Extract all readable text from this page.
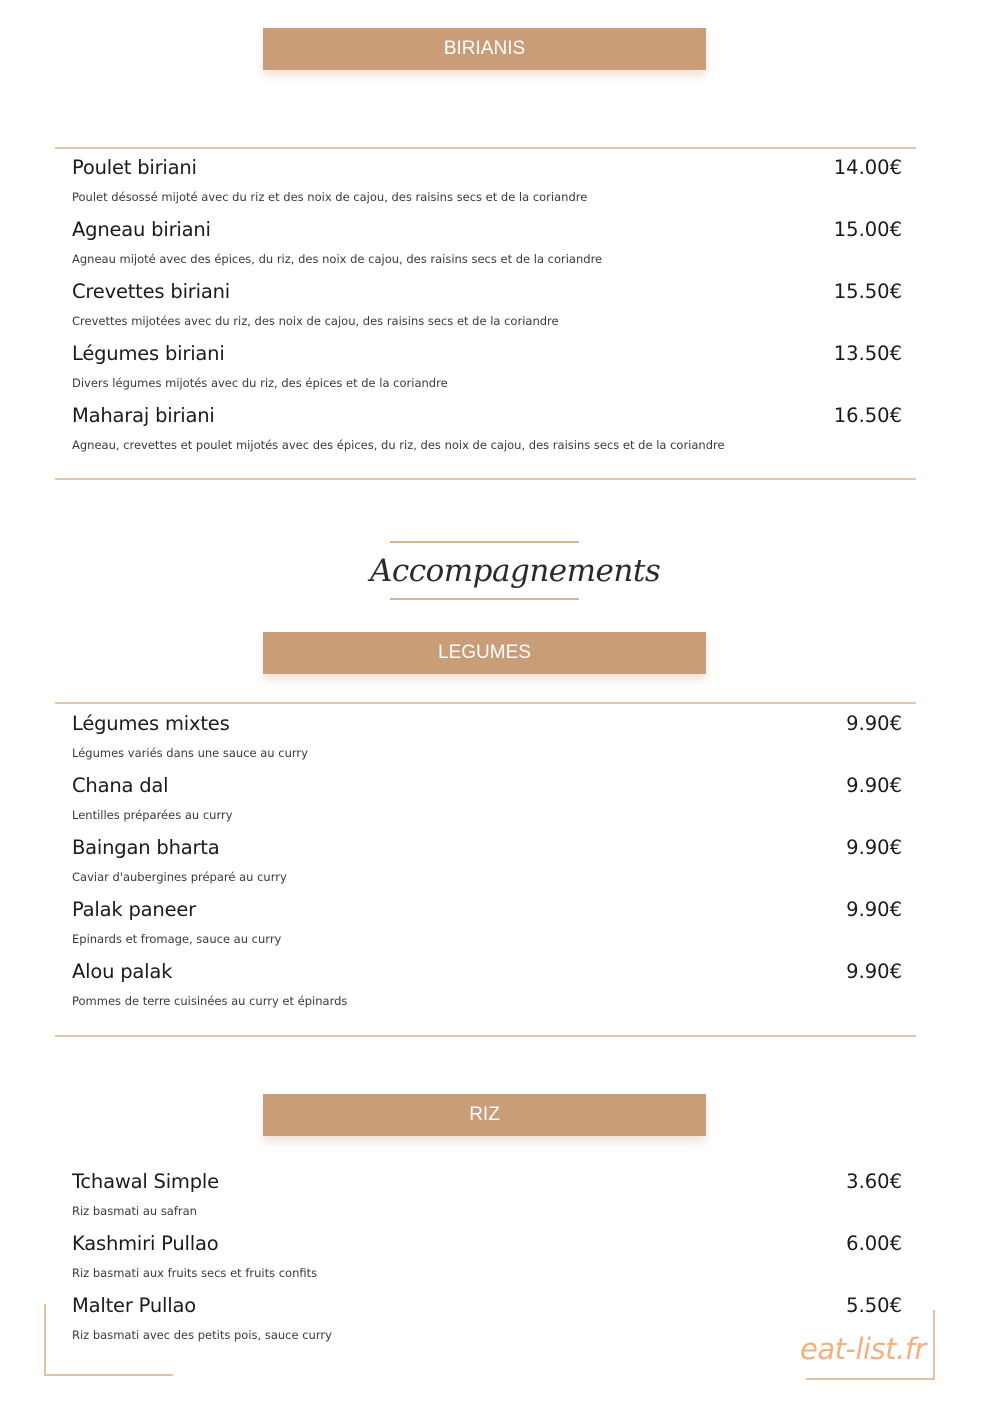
BIRIANIS
Poulet biriani	14.00€
Poulet désossé mijoté avec du riz et des noix de cajou, des raisins secs et de la coriandre
Agneau biriani	15.00€
Agneau mijoté avec des épices, du riz, des noix de cajou, des raisins secs et de la coriandre
Crevettes biriani	15.50€
Crevettes mijotées avec du riz, des noix de cajou, des raisins secs et de la coriandre
Légumes biriani	13.50€
Divers légumes mijotés avec du riz, des épices et de la coriandre
Maharaj biriani	16.50€
Agneau, crevettes et poulet mijotés avec des épices, du riz, des noix de cajou, des raisins secs et de la coriandre
Accompagnements
LEGUMES
Légumes mixtes	9.90€
Légumes variés dans une sauce au curry
Chana dal	9.90€
Lentilles préparées au curry
Baingan bharta	9.90€
Caviar d'aubergines préparé au curry
Palak paneer	9.90€
Epinards et fromage, sauce au curry
Alou palak	9.90€
Pommes de terre cuisinées au curry et épinards
RIZ
Tchawal Simple	3.60€
Riz basmati au safran
Kashmiri Pullao	6.00€
Riz basmati aux fruits secs et fruits confits
Malter Pullao	5.50€
Riz basmati avec des petits pois, sauce curry	eat-list.fr
